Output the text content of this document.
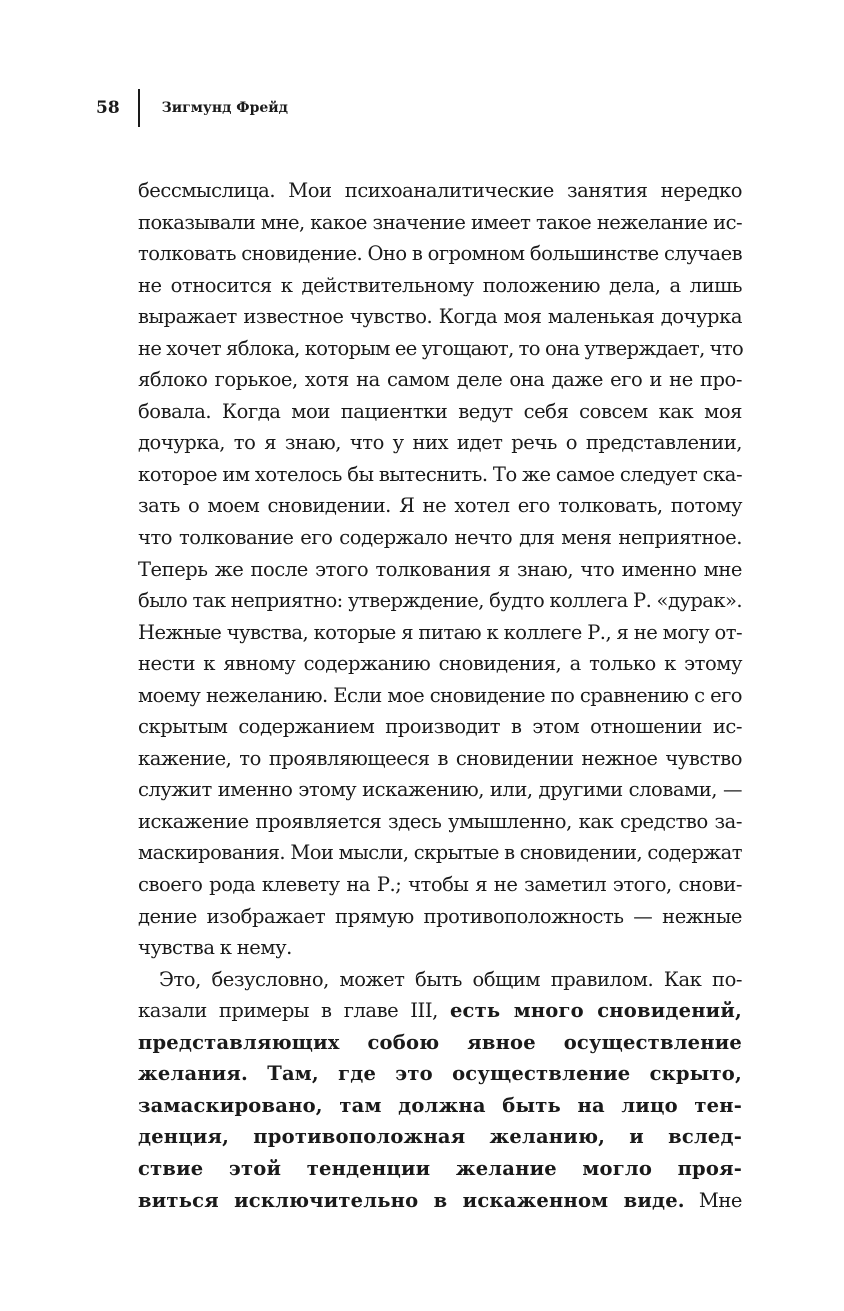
58	Зигмунд Фрейд
бессмыслица. Мои психоаналитические занятия нередко
показывали мне, какое значение имеет такое нежелание ис-
толковать сновидение. Оно в огромном большинстве случаев
не относится к действительному положению дела, а лишь
выражает известное чувство. Когда моя маленькая дочурка
не хочет яблока, которым ее угощают, то она утверждает, что
яблоко горькое, хотя на самом деле она даже его и не про-
бовала. Когда мои пациентки ведут себя совсем как моя
дочурка, то я знаю, что у них идет речь о представлении,
которое им хотелось бы вытеснить. То же самое следует ска-
зать о моем сновидении. Я не хотел его толковать, потому
что толкование его содержало нечто для меня неприятное.
Теперь же после этого толкования я знаю, что именно мне
было так неприятно: утверждение, будто коллега Р. «дурак».
Нежные чувства, которые я питаю к коллеге Р., я не могу от-
нести к явному содержанию сновидения, а только к этому
моему нежеланию. Если мое сновидение по сравнению с его
скрытым содержанием производит в этом отношении ис-
кажение, то проявляющееся в сновидении нежное чувство
служит именно этому искажению, или, другими словами, —
искажение проявляется здесь умышленно, как средство за-
маскирования. Мои мысли, скрытые в сновидении, содержат
своего рода клевету на Р.; чтобы я не заметил этого, снови-
дение изображает прямую противоположность — нежные
чувства к нему.
Это, безусловно, может быть общим правилом. Как по-
казали примеры в главе III, есть много сновидений,
представляющих собою явное осуществление
желания. Там, где это осуществление скрыто,
замаскировано, там должна быть на лицо тен-
денция, противоположная желанию, и вслед-
ствие этой тенденции желание могло проя-
виться исключительно в искаженном виде. Мне
